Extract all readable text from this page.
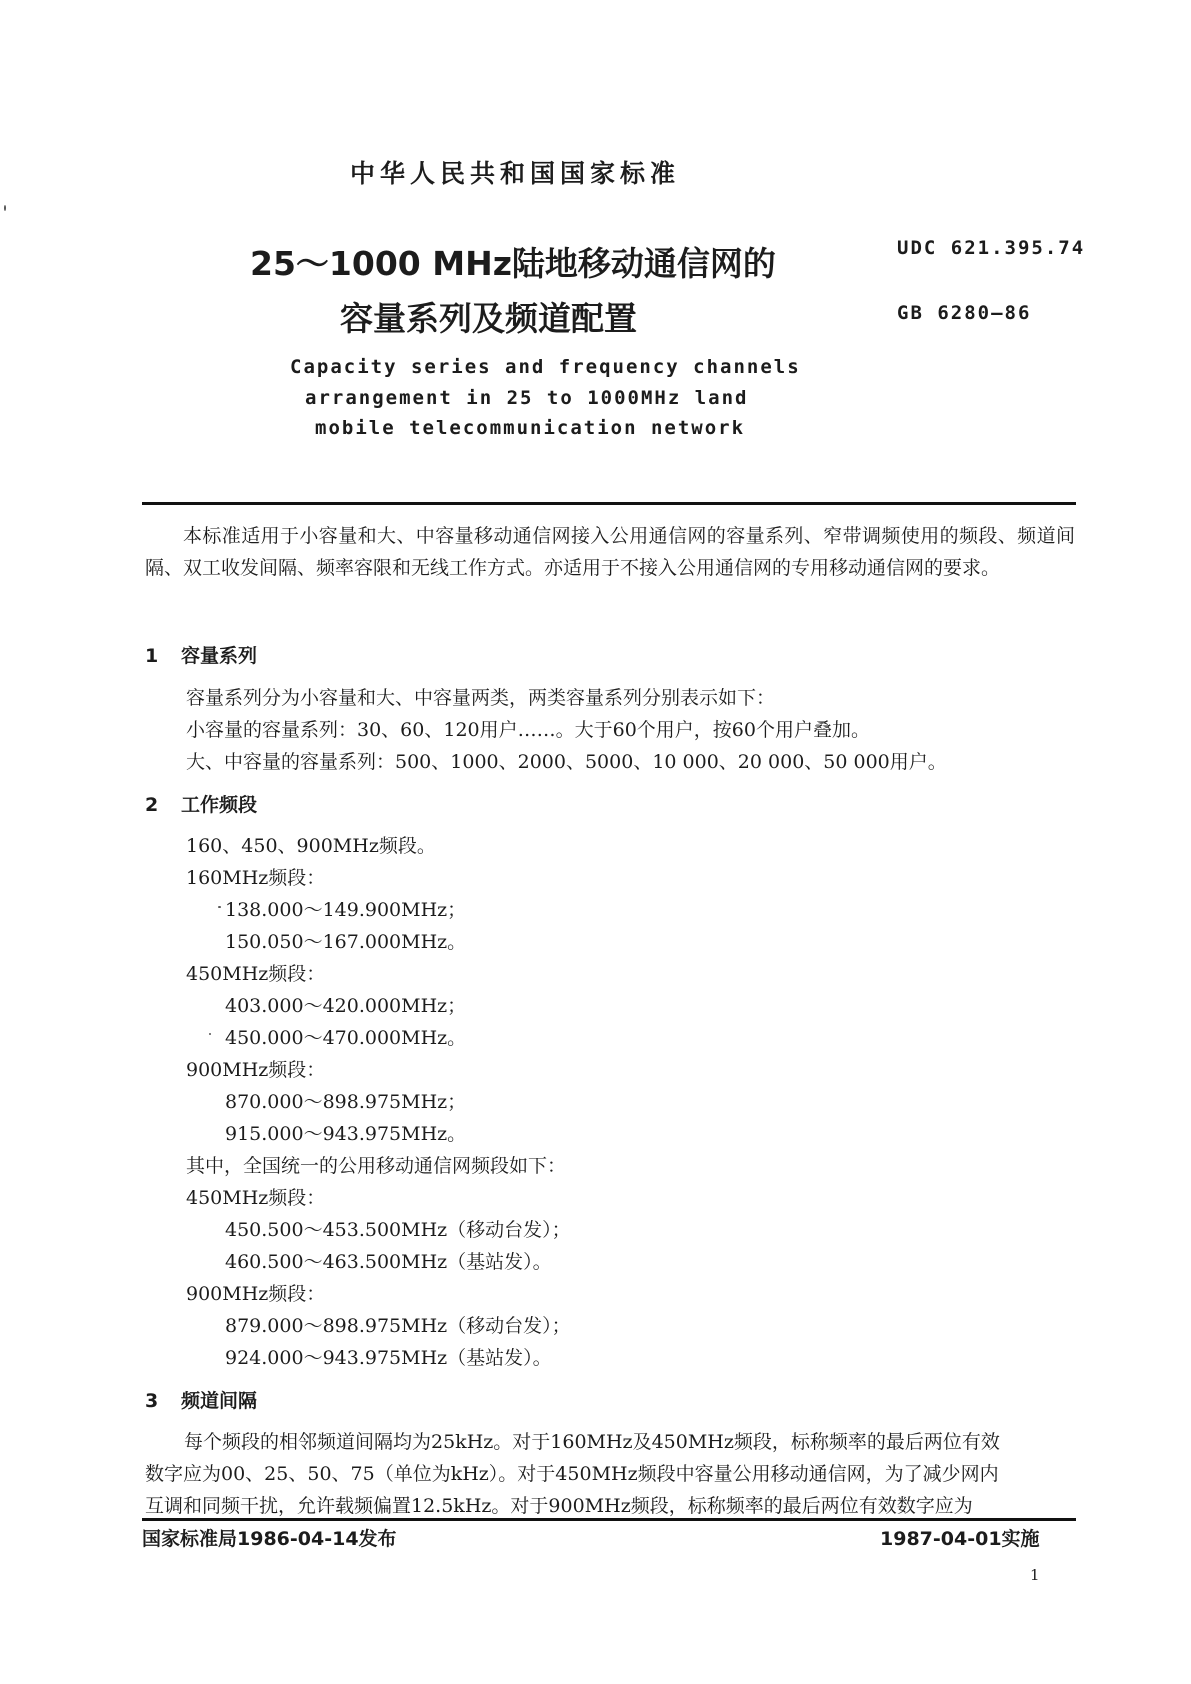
中华人民共和国国家标准
25～1000 MHz陆地移动通信网的
容量系列及频道配置
UDC 621.395.74
GB 6280—86
Capacity series and frequency channels
arrangement in 25 to 1000MHz land
mobile telecommunication network
本标准适用于小容量和大、中容量移动通信网接入公用通信网的容量系列、窄带调频使用的频段、频道间隔、双工收发间隔、频率容限和无线工作方式。亦适用于不接入公用通信网的专用移动通信网的要求。
1 容量系列
容量系列分为小容量和大、中容量两类，两类容量系列分别表示如下：
小容量的容量系列：30、60、120用户……。大于60个用户，按60个用户叠加。
大、中容量的容量系列：500、1000、2000、5000、10 000、20 000、50 000用户。
2 工作频段
160、450、900MHz频段。
160MHz频段：
138.000～149.900MHz；
150.050～167.000MHz。
450MHz频段：
403.000～420.000MHz；
450.000～470.000MHz。
900MHz频段：
870.000～898.975MHz；
915.000～943.975MHz。
其中，全国统一的公用移动通信网频段如下：
450MHz频段：
450.500～453.500MHz（移动台发）；
460.500～463.500MHz（基站发）。
900MHz频段：
879.000～898.975MHz（移动台发）；
924.000～943.975MHz（基站发）。
3 频道间隔
每个频段的相邻频道间隔均为25kHz。对于160MHz及450MHz频段，标称频率的最后两位有效
数字应为00、25、50、75（单位为kHz）。对于450MHz频段中容量公用移动通信网，为了减少网内
互调和同频干扰，允许载频偏置12.5kHz。对于900MHz频段，标称频率的最后两位有效数字应为
国家标准局1986-04-14发布	1987-04-01实施
1
